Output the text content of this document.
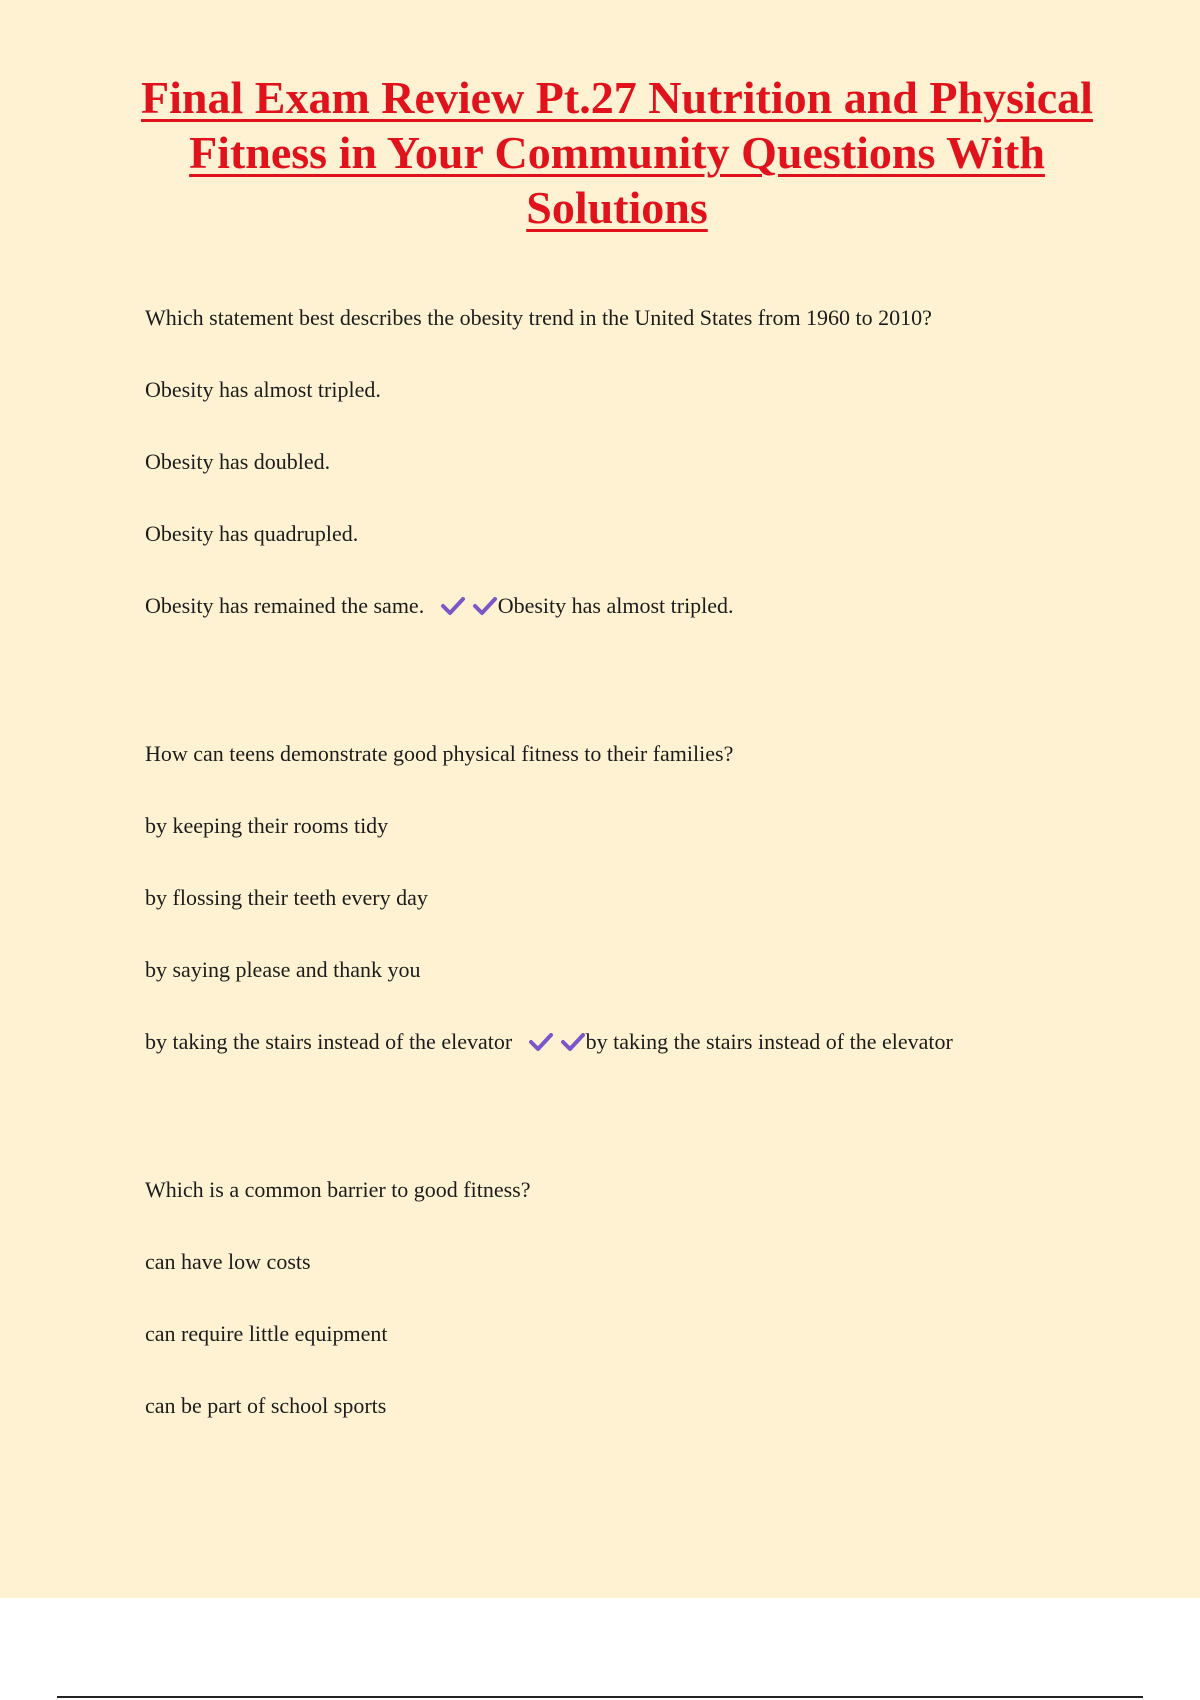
Final Exam Review Pt.27 Nutrition and Physical Fitness in Your Community Questions With Solutions

Which statement best describes the obesity trend in the United States from 1960 to 2010?

Obesity has almost tripled.

Obesity has doubled.

Obesity has quadrupled.

Obesity has remained the same.	Obesity has almost tripled.

How can teens demonstrate good physical fitness to their families?

by keeping their rooms tidy

by flossing their teeth every day

by saying please and thank you

by taking the stairs instead of the elevator	by taking the stairs instead of the elevator

Which is a common barrier to good fitness?

can have low costs

can require little equipment

can be part of school sports
